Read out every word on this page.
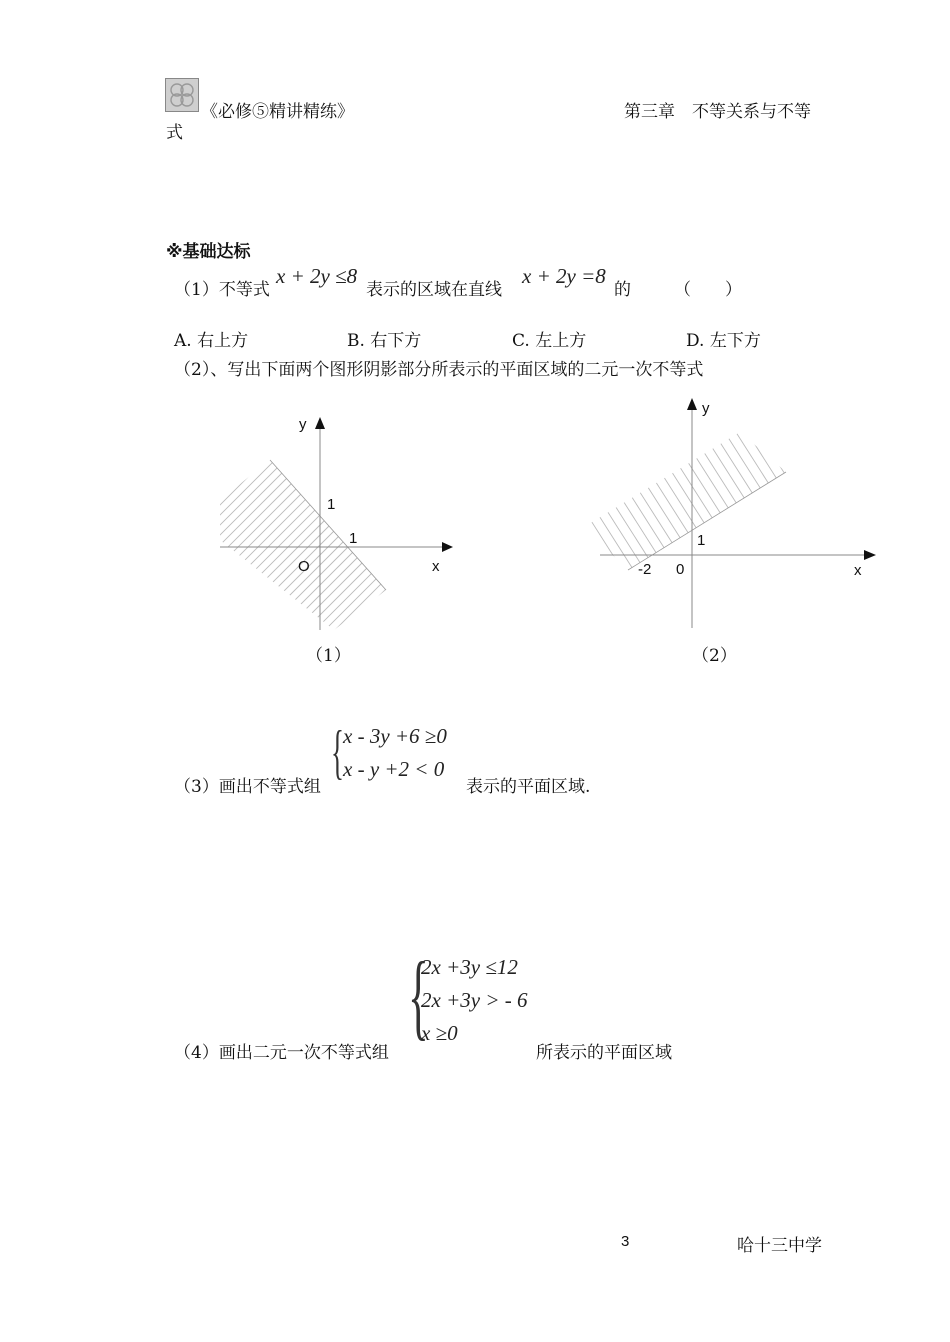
《必修⑤精讲精练》	第三章　不等关系与不等
式
※基础达标
（1）不等式
x + 2y ≤8
表示的区域在直线
x + 2y =8
的	（　　）
A. 右上方	B. 右下方	C. 左上方	D. 左下方
（2）、写出下面两个图形阴影部分所表示的平面区域的二元一次不等式
y
x
O
1
1
（1）
y
x
0
-2
1
（2）
（3）画出不等式组
{ x - 3y +6 ≥0
x - y +2 < 0
表示的平面区域.
（4）画出二元一次不等式组
{
2x +3y ≤12
2x +3y > - 6
x ≥0
所表示的平面区域
3	哈十三中学
